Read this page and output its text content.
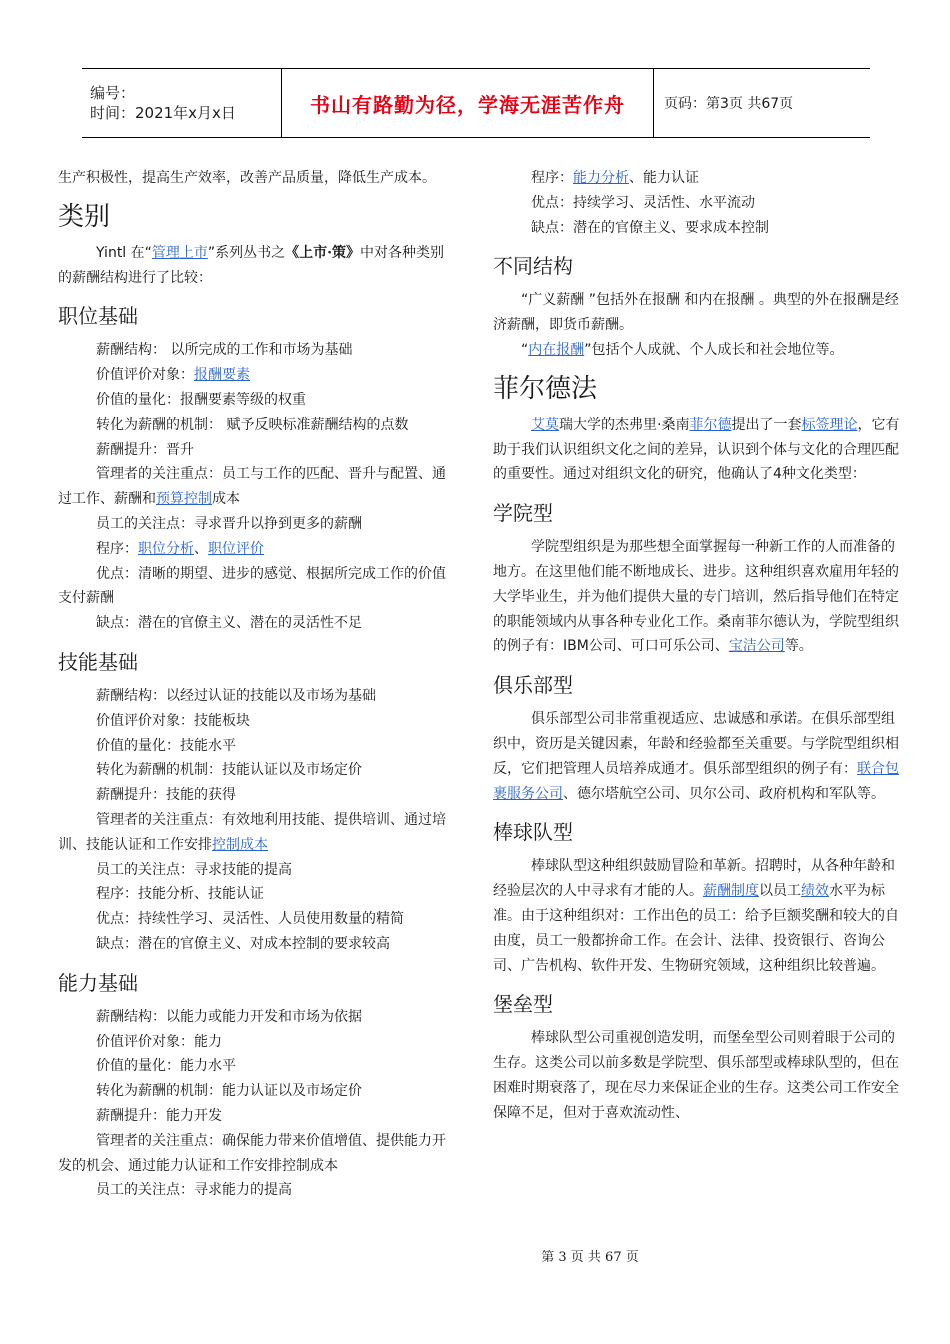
编号：
时间：2021年x月x日	书山有路勤为径，学海无涯苦作舟	页码：第3页 共67页

生产积极性，提高生产效率，改善产品质量，降低生产成本。

类别

Yintl 在“管理上市”系列丛书之《上市·策》中对各种类别的薪酬结构进行了比较：

职位基础

薪酬结构： 以所完成的工作和市场为基础

价值评价对象：报酬要素

价值的量化：报酬要素等级的权重

转化为薪酬的机制： 赋予反映标准薪酬结构的点数

薪酬提升：晋升

管理者的关注重点：员工与工作的匹配、晋升与配置、通过工作、薪酬和预算控制成本

员工的关注点：寻求晋升以挣到更多的薪酬

程序：职位分析、职位评价

优点：清晰的期望、进步的感觉、根据所完成工作的价值支付薪酬

缺点：潜在的官僚主义、潜在的灵活性不足

技能基础

薪酬结构：以经过认证的技能以及市场为基础

价值评价对象：技能板块

价值的量化：技能水平

转化为薪酬的机制：技能认证以及市场定价

薪酬提升：技能的获得

管理者的关注重点：有效地利用技能、提供培训、通过培训、技能认证和工作安排控制成本

员工的关注点：寻求技能的提高

程序：技能分析、技能认证

优点：持续性学习、灵活性、人员使用数量的精简

缺点：潜在的官僚主义、对成本控制的要求较高

能力基础

薪酬结构：以能力或能力开发和市场为依据

价值评价对象：能力

价值的量化：能力水平

转化为薪酬的机制：能力认证以及市场定价

薪酬提升：能力开发

管理者的关注重点：确保能力带来价值增值、提供能力开发的机会、通过能力认证和工作安排控制成本

员工的关注点：寻求能力的提高

程序：能力分析、能力认证

优点：持续学习、灵活性、水平流动

缺点：潜在的官僚主义、要求成本控制

不同结构

“广义薪酬 ”包括外在报酬 和内在报酬 。典型的外在报酬是经济薪酬，即货币薪酬。

“内在报酬”包括个人成就、个人成长和社会地位等。

菲尔德法

艾莫瑞大学的杰弗里·桑南菲尔德提出了一套标签理论，它有助于我们认识组织文化之间的差异，认识到个体与文化的合理匹配的重要性。通过对组织文化的研究，他确认了4种文化类型：

学院型

学院型组织是为那些想全面掌握每一种新工作的人而准备的地方。在这里他们能不断地成长、进步。这种组织喜欢雇用年轻的大学毕业生，并为他们提供大量的专门培训，然后指导他们在特定的职能领域内从事各种专业化工作。桑南菲尔德认为，学院型组织的例子有：IBM公司、可口可乐公司、宝洁公司等。

俱乐部型

俱乐部型公司非常重视适应、忠诚感和承诺。在俱乐部型组织中，资历是关键因素，年龄和经验都至关重要。与学院型组织相反，它们把管理人员培养成通才。俱乐部型组织的例子有：联合包裹服务公司、德尔塔航空公司、贝尔公司、政府机构和军队等。

棒球队型

棒球队型这种组织鼓励冒险和革新。招聘时，从各种年龄和经验层次的人中寻求有才能的人。薪酬制度以员工绩效水平为标准。由于这种组织对：工作出色的员工：给予巨额奖酬和较大的自由度，员工一般都拚命工作。在会计、法律、投资银行、咨询公司、广告机构、软件开发、生物研究领域，这种组织比较普遍。

堡垒型

棒球队型公司重视创造发明，而堡垒型公司则着眼于公司的生存。这类公司以前多数是学院型、俱乐部型或棒球队型的，但在困难时期衰落了，现在尽力来保证企业的生存。这类公司工作安全保障不足，但对于喜欢流动性、

第 3 页 共 67 页
